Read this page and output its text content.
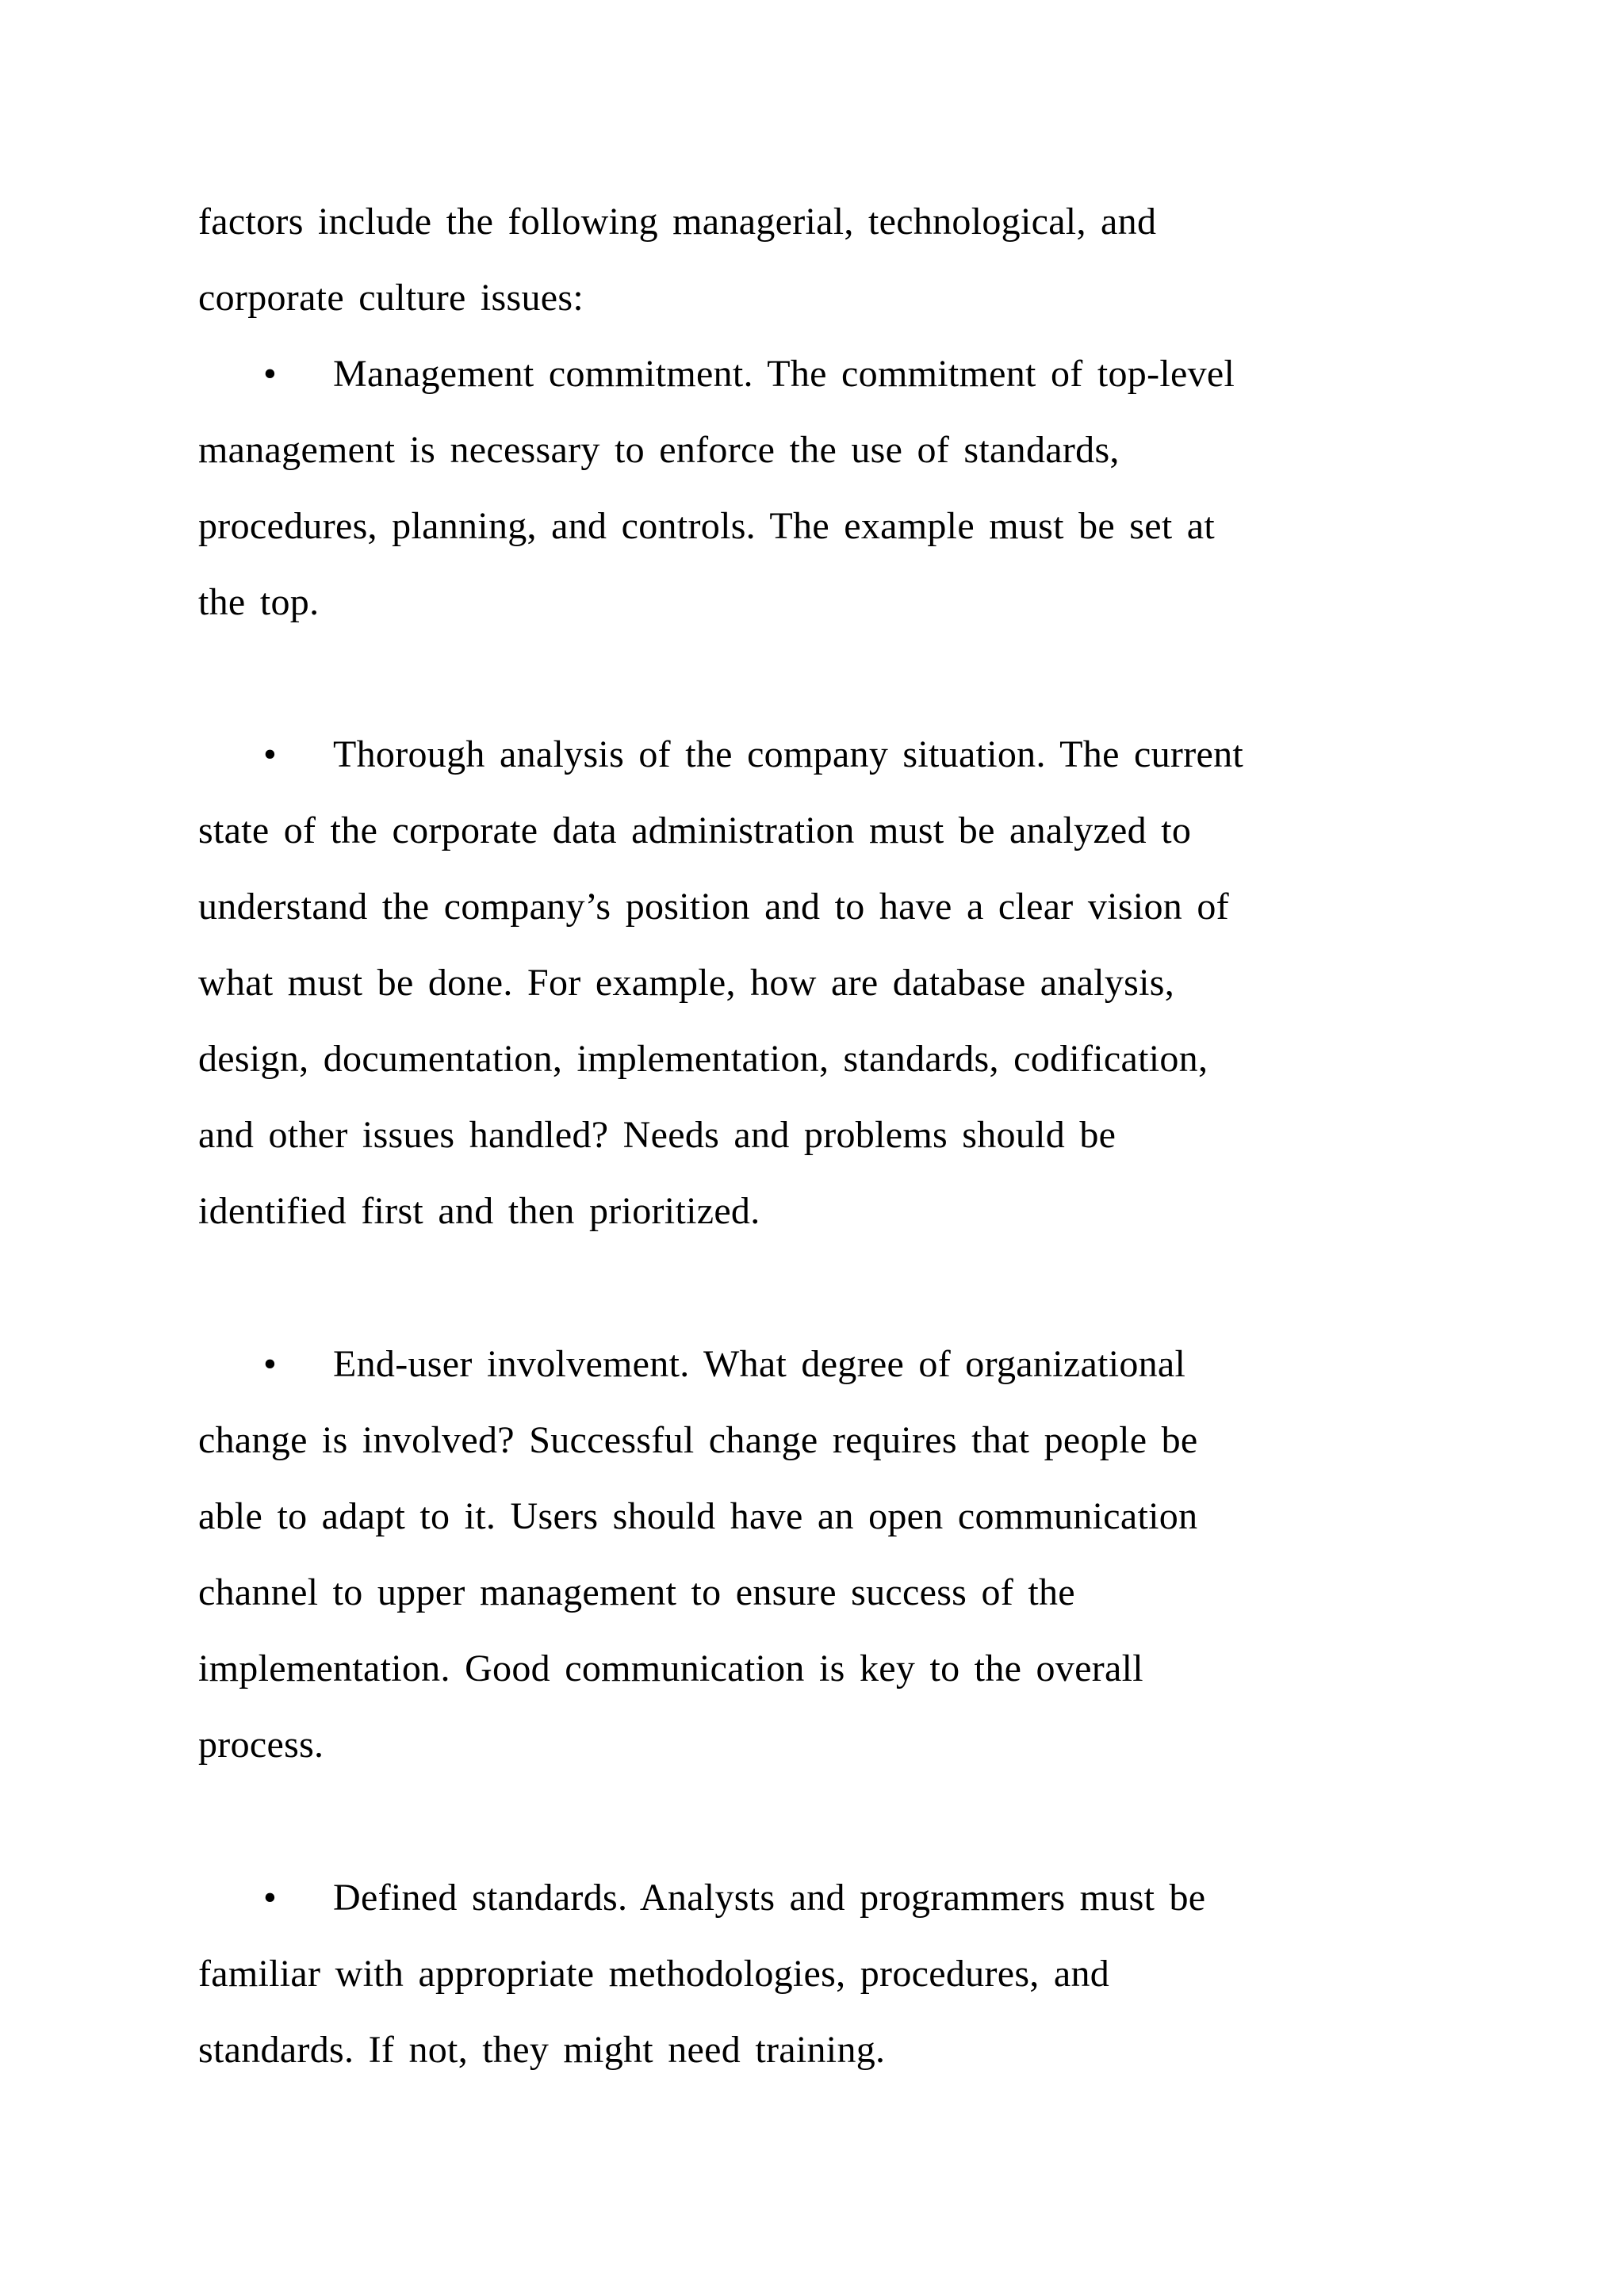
factors include the following managerial, technological, and
corporate culture issues:
• Management commitment. The commitment of top-level
management is necessary to enforce the use of standards,
procedures, planning, and controls. The example must be set at
the top.
• Thorough analysis of the company situation. The current
state of the corporate data administration must be analyzed to
understand the company’s position and to have a clear vision of
what must be done. For example, how are database analysis,
design, documentation, implementation, standards, codification,
and other issues handled? Needs and problems should be
identified first and then prioritized.
• End-user involvement. What degree of organizational
change is involved? Successful change requires that people be
able to adapt to it. Users should have an open communication
channel to upper management to ensure success of the
implementation. Good communication is key to the overall
process.
• Defined standards. Analysts and programmers must be
familiar with appropriate methodologies, procedures, and
standards. If not, they might need training.
